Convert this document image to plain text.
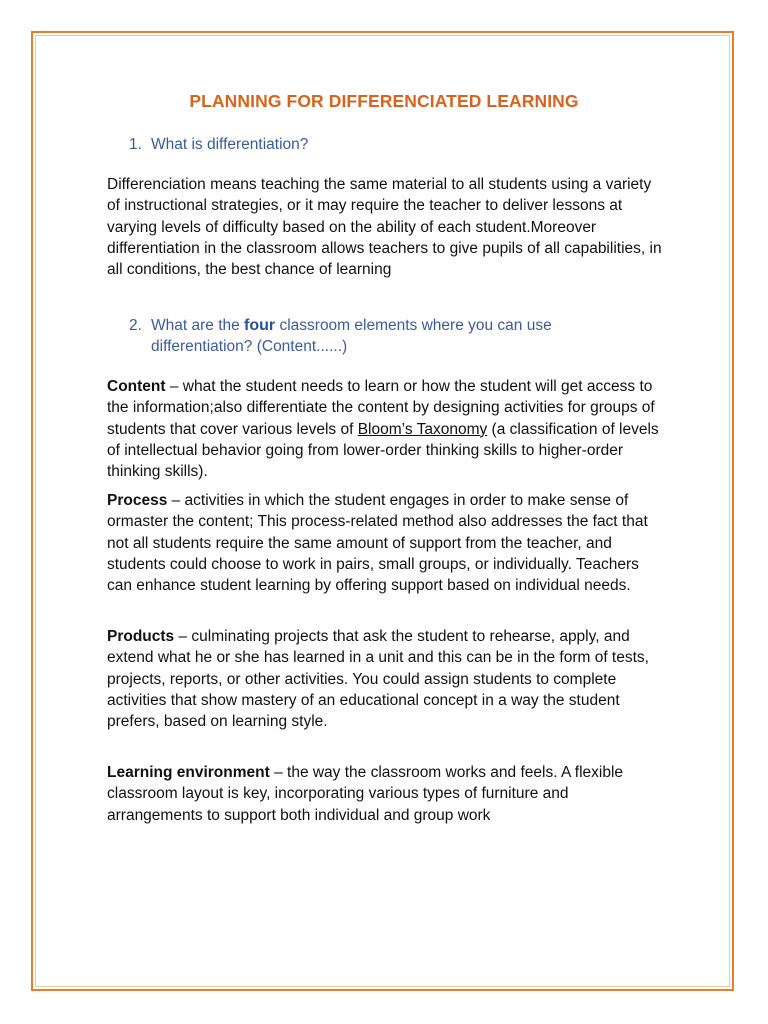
PLANNING FOR DIFFERENCIATED LEARNING
1. What is differentiation?
Differenciation means teaching the same material to all students using a variety of instructional strategies, or it may require the teacher to deliver lessons at varying levels of difficulty based on the ability of each student.Moreover differentiation in the classroom allows teachers to give pupils of all capabilities, in all conditions, the best chance of learning
2. What are the four classroom elements where you can use differentiation? (Content......)
Content – what the student needs to learn or how the student will get access to the information;also differentiate the content by designing activities for groups of students that cover various levels of Bloom’s Taxonomy (a classification of levels of intellectual behavior going from lower-order thinking skills to higher-order thinking skills).
Process – activities in which the student engages in order to make sense of ormaster the content; This process-related method also addresses the fact that not all students require the same amount of support from the teacher, and students could choose to work in pairs, small groups, or individually. Teachers can enhance student learning by offering support based on individual needs.
Products – culminating projects that ask the student to rehearse, apply, and extend what he or she has learned in a unit and this can be in the form of tests, projects, reports, or other activities. You could assign students to complete activities that show mastery of an educational concept in a way the student prefers, based on learning style.
Learning environment – the way the classroom works and feels. A flexible classroom layout is key, incorporating various types of furniture and arrangements to support both individual and group work
